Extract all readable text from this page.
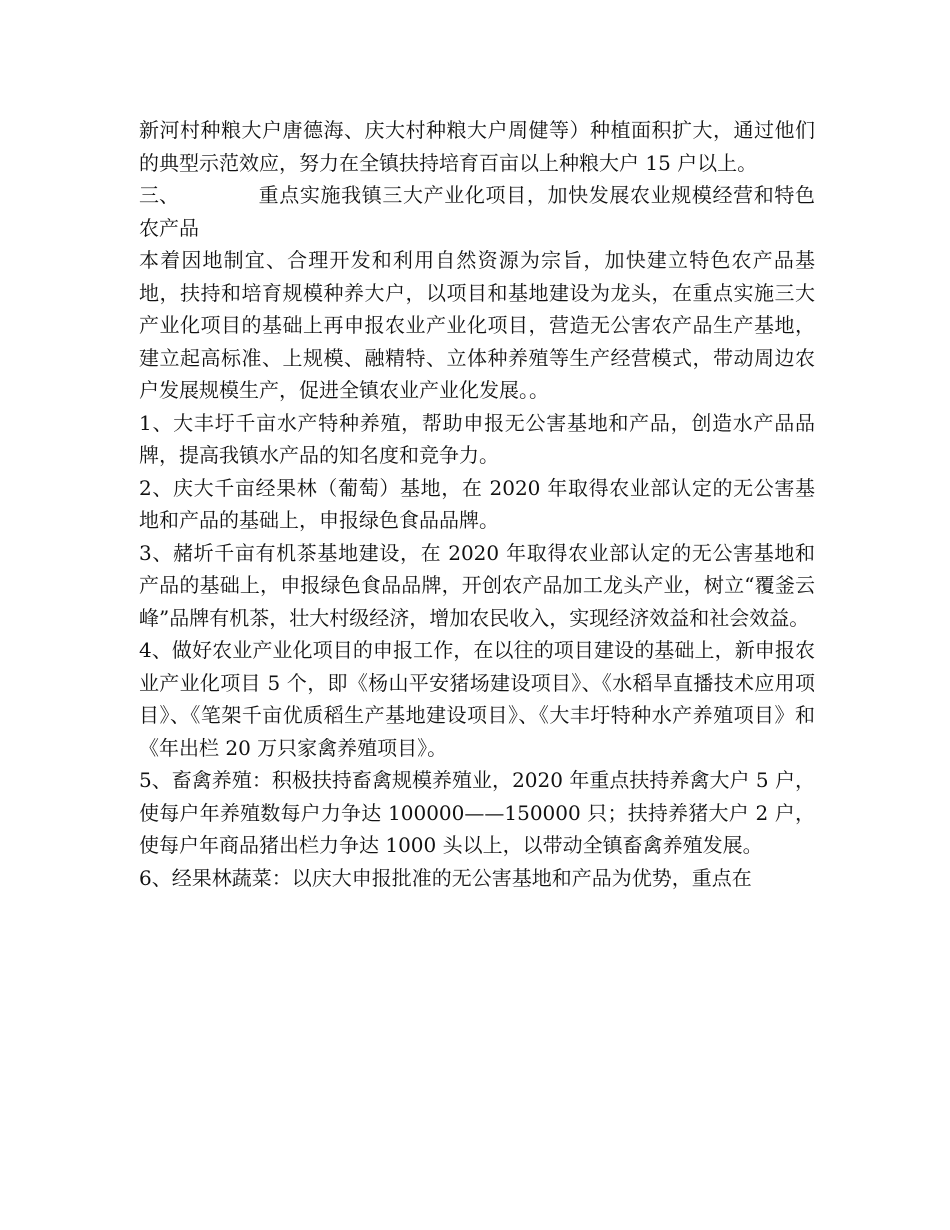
新河村种粮大户唐德海、庆大村种粮大户周健等）种植面积扩大，通过他们的典型示范效应，努力在全镇扶持培育百亩以上种粮大户 15 户以上。

三、	重点实施我镇三大产业化项目，加快发展农业规模经营和特色农产品

本着因地制宜、合理开发和利用自然资源为宗旨，加快建立特色农产品基地，扶持和培育规模种养大户，以项目和基地建设为龙头，在重点实施三大产业化项目的基础上再申报农业产业化项目，营造无公害农产品生产基地，建立起高标准、上规模、融精特、立体种养殖等生产经营模式，带动周边农户发展规模生产，促进全镇农业产业化发展。。

1、大丰圩千亩水产特种养殖，帮助申报无公害基地和产品，创造水产品品牌，提高我镇水产品的知名度和竞争力。

2、庆大千亩经果林（葡萄）基地，在 2020 年取得农业部认定的无公害基地和产品的基础上，申报绿色食品品牌。

3、赭圻千亩有机茶基地建设，在 2020 年取得农业部认定的无公害基地和产品的基础上，申报绿色食品品牌，开创农产品加工龙头产业，树立“覆釜云峰”品牌有机茶，壮大村级经济，增加农民收入，实现经济效益和社会效益。

4、做好农业产业化项目的申报工作，在以往的项目建设的基础上，新申报农业产业化项目 5 个，即《杨山平安猪场建设项目》、《水稻旱直播技术应用项目》、《笔架千亩优质稻生产基地建设项目》、《大丰圩特种水产养殖项目》和《年出栏 20 万只家禽养殖项目》。

5、畜禽养殖：积极扶持畜禽规模养殖业，2020 年重点扶持养禽大户 5 户，使每户年养殖数每户力争达 100000——150000 只；扶持养猪大户 2 户，使每户年商品猪出栏力争达 1000 头以上，以带动全镇畜禽养殖发展。

6、经果林蔬菜：以庆大申报批准的无公害基地和产品为优势，重点在
